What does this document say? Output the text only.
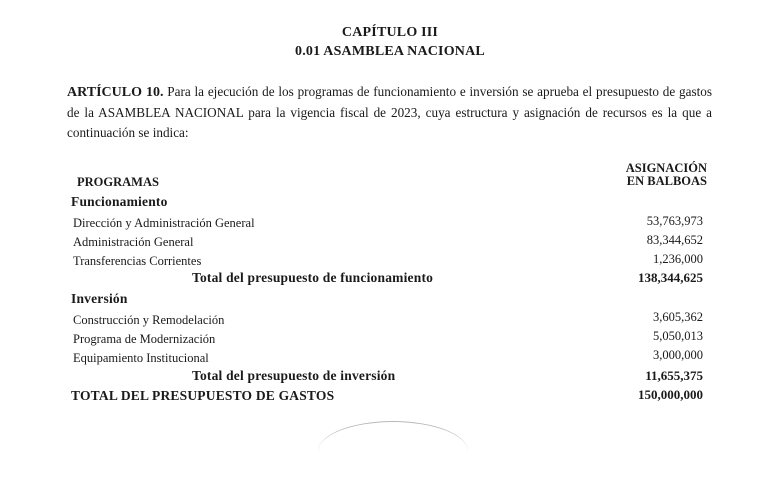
CAPÍTULO III
0.01 ASAMBLEA NACIONAL
ARTÍCULO 10. Para la ejecución de los programas de funcionamiento e inversión se aprueba el presupuesto de gastos de la ASAMBLEA NACIONAL para la vigencia fiscal de 2023, cuya estructura y asignación de recursos es la que a continuación se indica:
PROGRAMAS
ASIGNACIÓN
EN BALBOAS
Funcionamiento
Dirección y Administración General	53,763,973
Administración General	83,344,652
Transferencias Corrientes	1,236,000
Total del presupuesto de funcionamiento	138,344,625
Inversión
Construcción y Remodelación	3,605,362
Programa de Modernización	5,050,013
Equipamiento Institucional	3,000,000
Total del presupuesto de inversión	11,655,375
TOTAL DEL PRESUPUESTO DE GASTOS	150,000,000
